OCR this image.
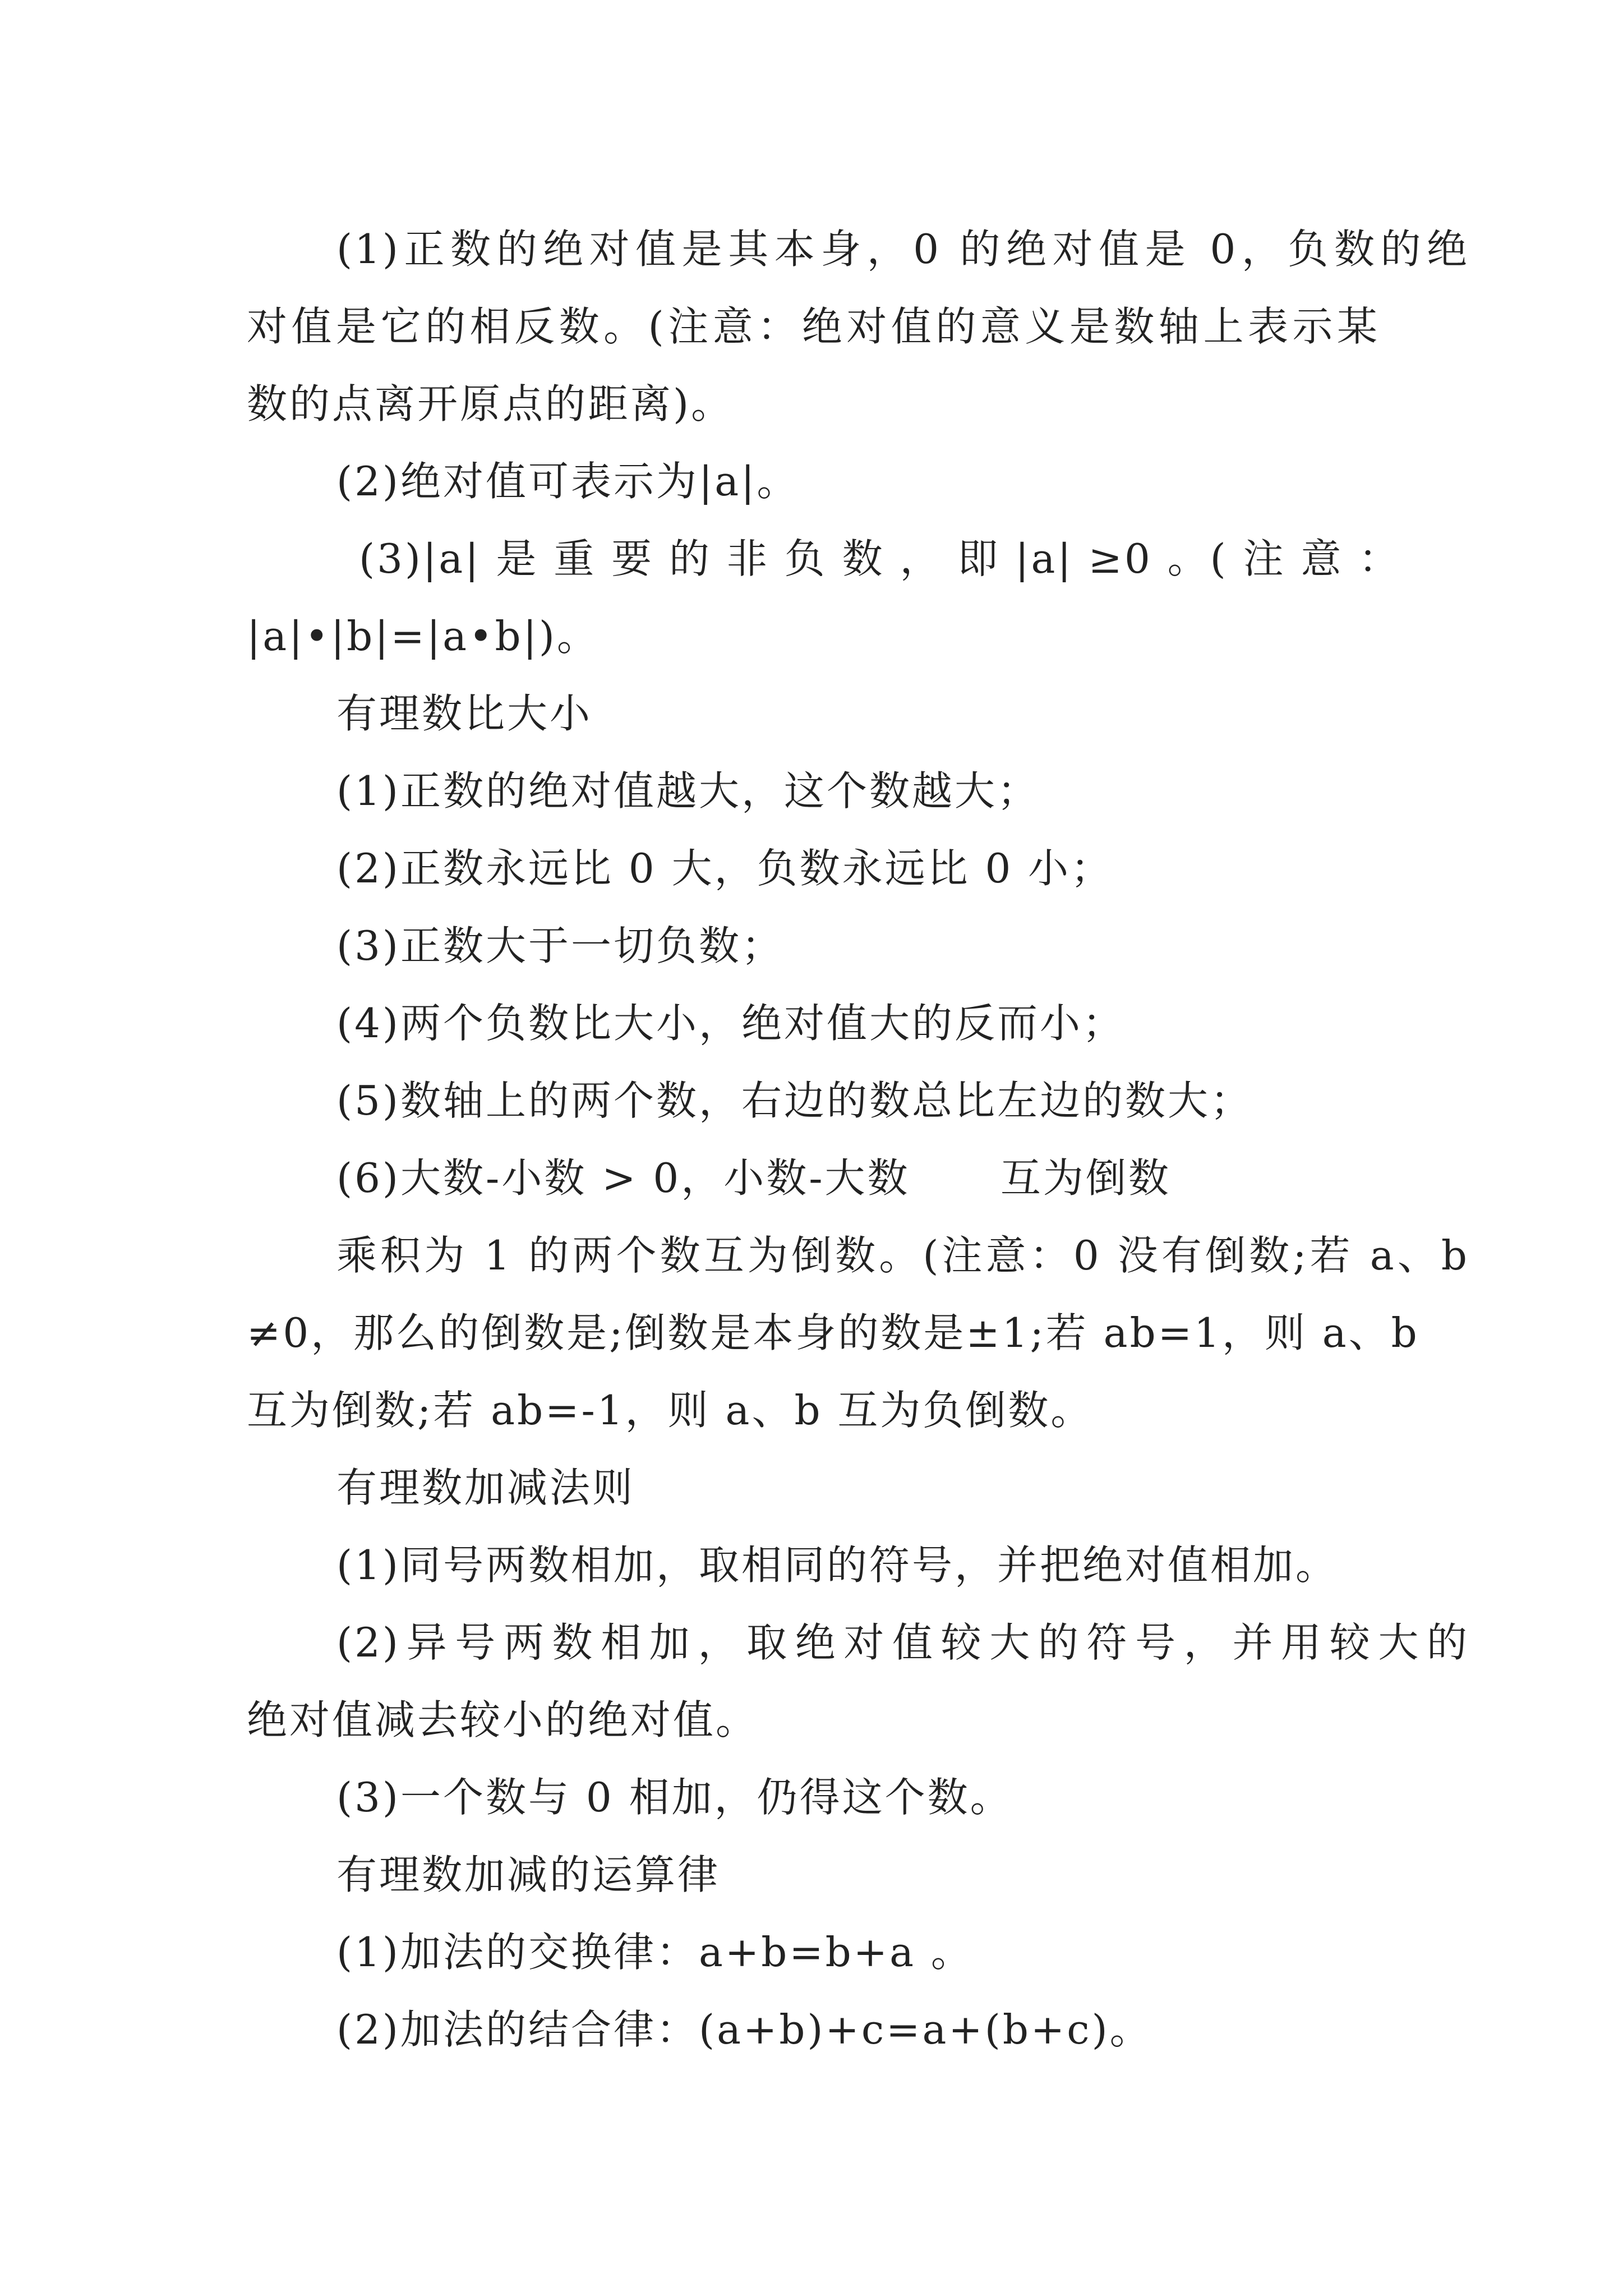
(1)正数的绝对值是其本身，0 的绝对值是 0，负数的绝
对值是它的相反数。(注意：绝对值的意义是数轴上表示某
数的点离开原点的距离)。

(2)绝对值可表示为|a|。

(3)|a| 是 重 要 的 非 负 数 ， 即 |a| ≥0 。( 注 意 ：
|a|•|b|=|a•b|)。

有理数比大小

(1)正数的绝对值越大，这个数越大；

(2)正数永远比 0 大，负数永远比 0 小；

(3)正数大于一切负数；

(4)两个负数比大小，绝对值大的反而小；

(5)数轴上的两个数，右边的数总比左边的数大；

(6)大数-小数 > 0，小数-大数      互为倒数

乘积为 1 的两个数互为倒数。(注意：0 没有倒数;若 a、b
≠0，那么的倒数是;倒数是本身的数是±1;若 ab=1，则 a、b
互为倒数;若 ab=-1，则 a、b 互为负倒数。

有理数加减法则

(1)同号两数相加，取相同的符号，并把绝对值相加。

(2)异号两数相加，取绝对值较大的符号，并用较大的
绝对值减去较小的绝对值。

(3)一个数与 0 相加，仍得这个数。

有理数加减的运算律

(1)加法的交换律：a+b=b+a 。

(2)加法的结合律：(a+b)+c=a+(b+c)。
